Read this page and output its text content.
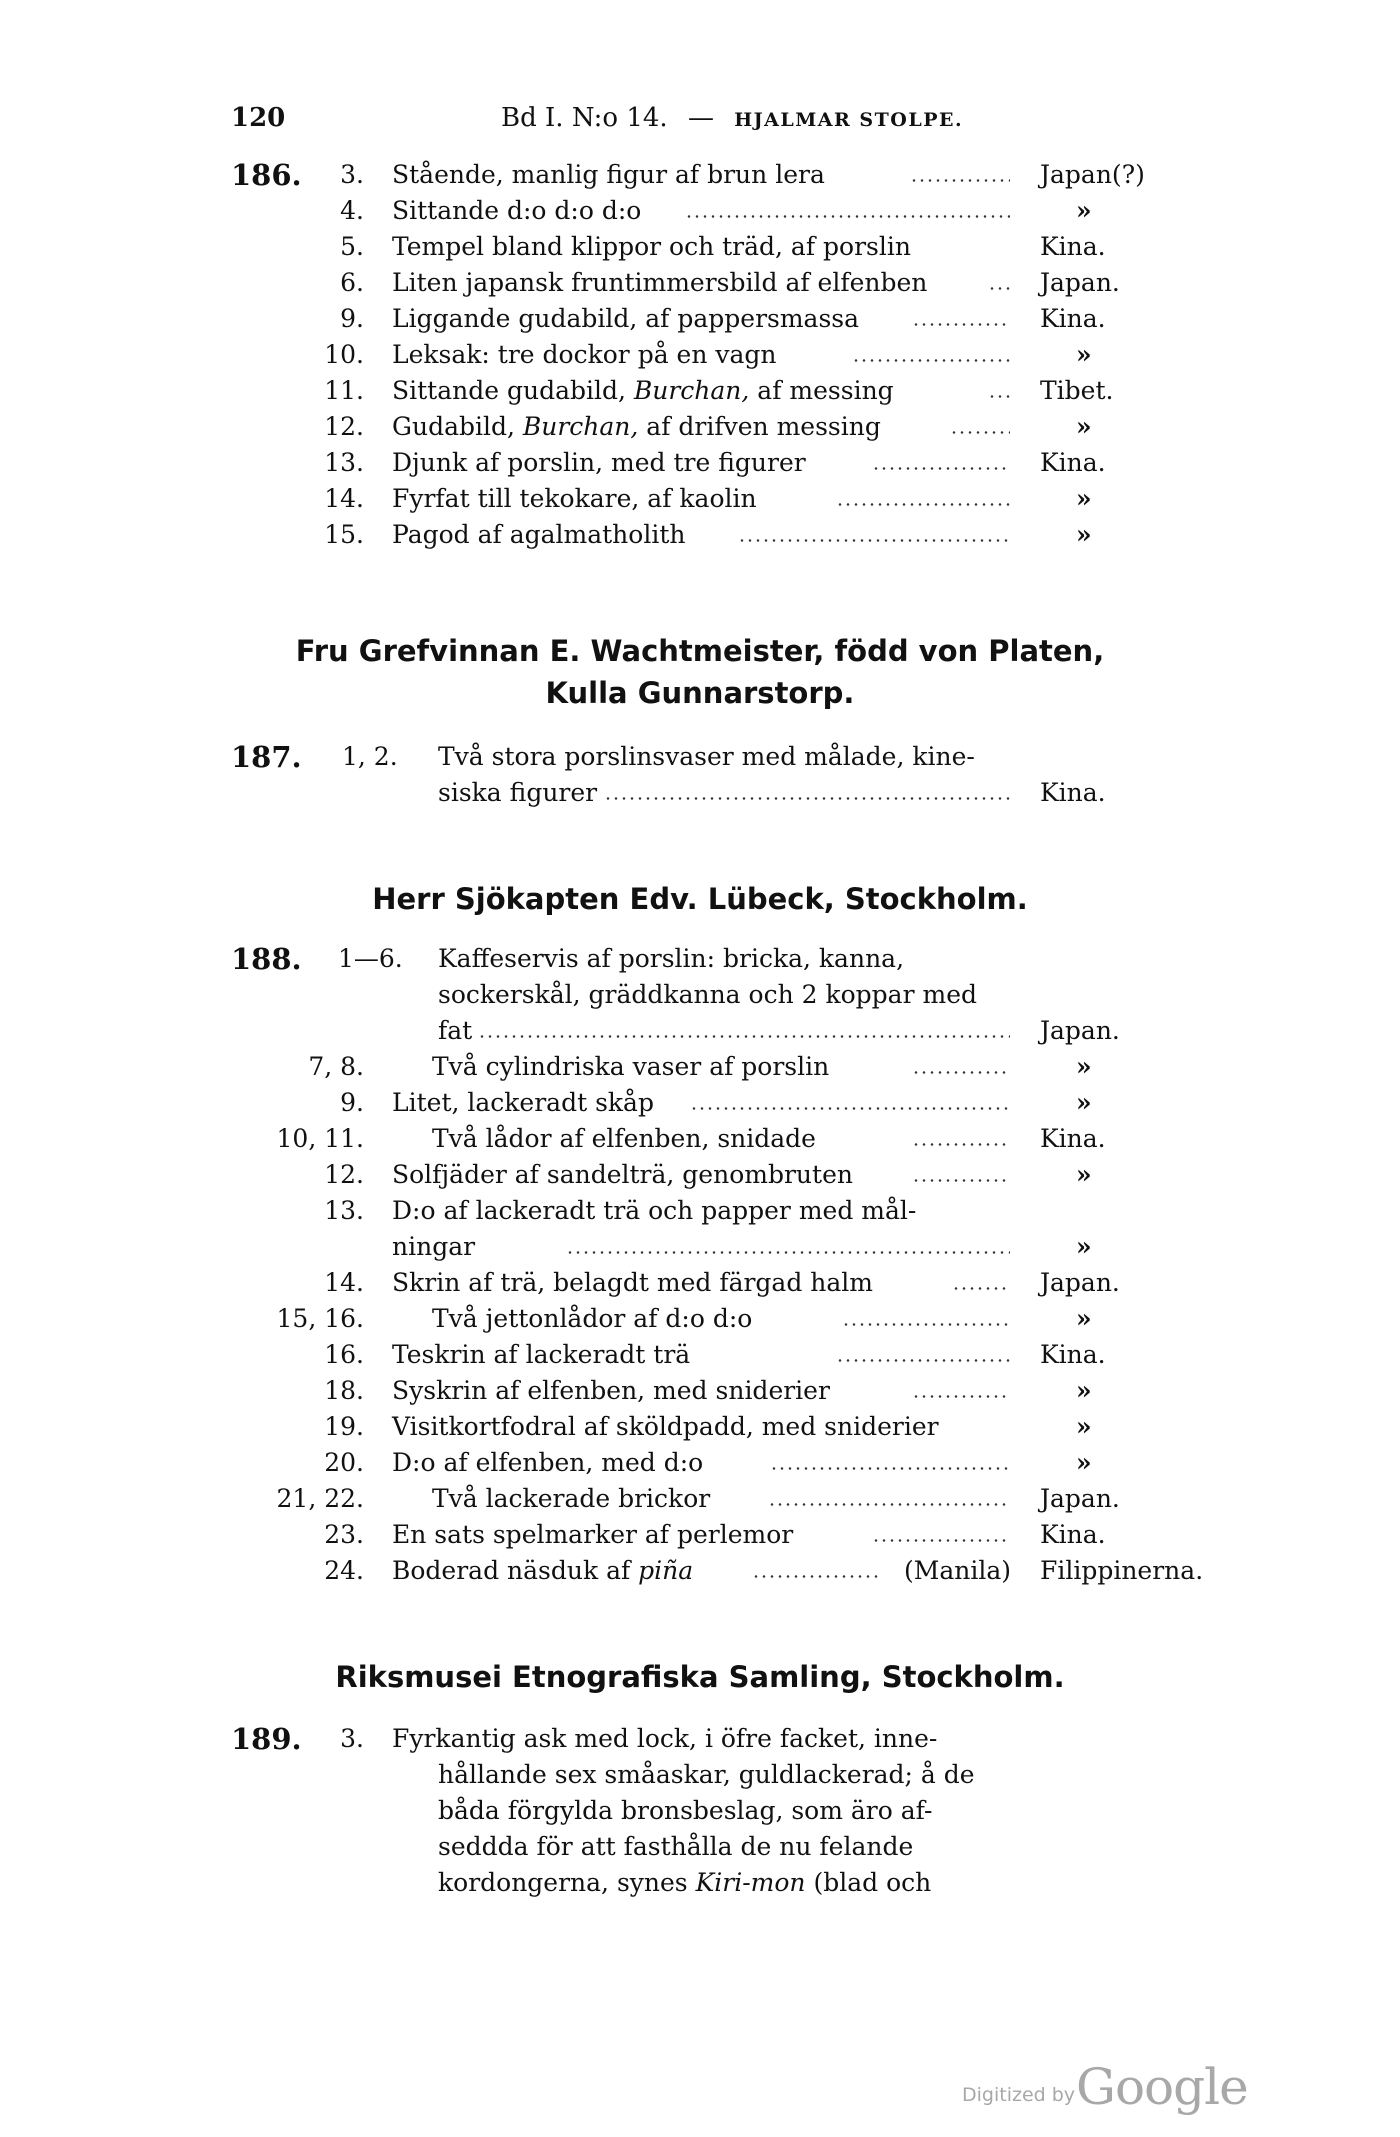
120	Bd I. N:o 14. — HJALMAR STOLPE.
186. 3. Stående, manlig figur af brun lera	Japan(?)
4. Sittande d:o d:o d:o	»
5. Tempel bland klippor och träd, af porslin	Kina.
6. Liten japansk fruntimmersbild af elfenben	Japan.
9. Liggande gudabild, af pappersmassa	Kina.
10. Leksak: tre dockor på en vagn	»
11. Sittande gudabild, Burchan, af messing	Tibet.
12. Gudabild, Burchan, af drifven messing	»
13. Djunk af porslin, med tre figurer	Kina.
14. Fyrfat till tekokare, af kaolin	»
15. Pagod af agalmatholith	»
Fru Grefvinnan E. Wachtmeister, född von Platen,
Kulla Gunnarstorp.
187. 1, 2. Två stora porslinsvaser med målade, kine-
siska figurer	Kina.
Herr Sjökapten Edv. Lübeck, Stockholm.
188. 1—6. Kaffeservis af porslin: bricka, kanna,
sockerskål, gräddkanna och 2 koppar med
fat	Japan.
7, 8.	Två cylindriska vaser af porslin	»
9. Litet, lackeradt skåp	»
10, 11.	Två lådor af elfenben, snidade	Kina.
12. Solfjäder af sandelträ, genombruten	»
13. D:o af lackeradt trä och papper med mål-
ningar	»
14. Skrin af trä, belagdt med färgad halm	Japan.
15, 16.	Två jettonlådor af d:o d:o	»
16. Teskrin af lackeradt trä	Kina.
18. Syskrin af elfenben, med sniderier	»
19. Visitkortfodral af sköldpadd, med sniderier	»
20. D:o af elfenben, med d:o	»
21, 22.	Två lackerade brickor	Japan.
23. En sats spelmarker af perlemor	Kina.
24. Boderad näsduk af piña	(Manila) Filippinerna.
Riksmusei Etnografiska Samling, Stockholm.
189. 3. Fyrkantig ask med lock, i öfre facket, inne-
hållande sex småaskar, guldlackerad; å de
båda förgylda bronsbeslag, som äro af-
seddda för att fasthålla de nu felande
kordongerna, synes Kiri-mon (blad och
Digitized by Google
